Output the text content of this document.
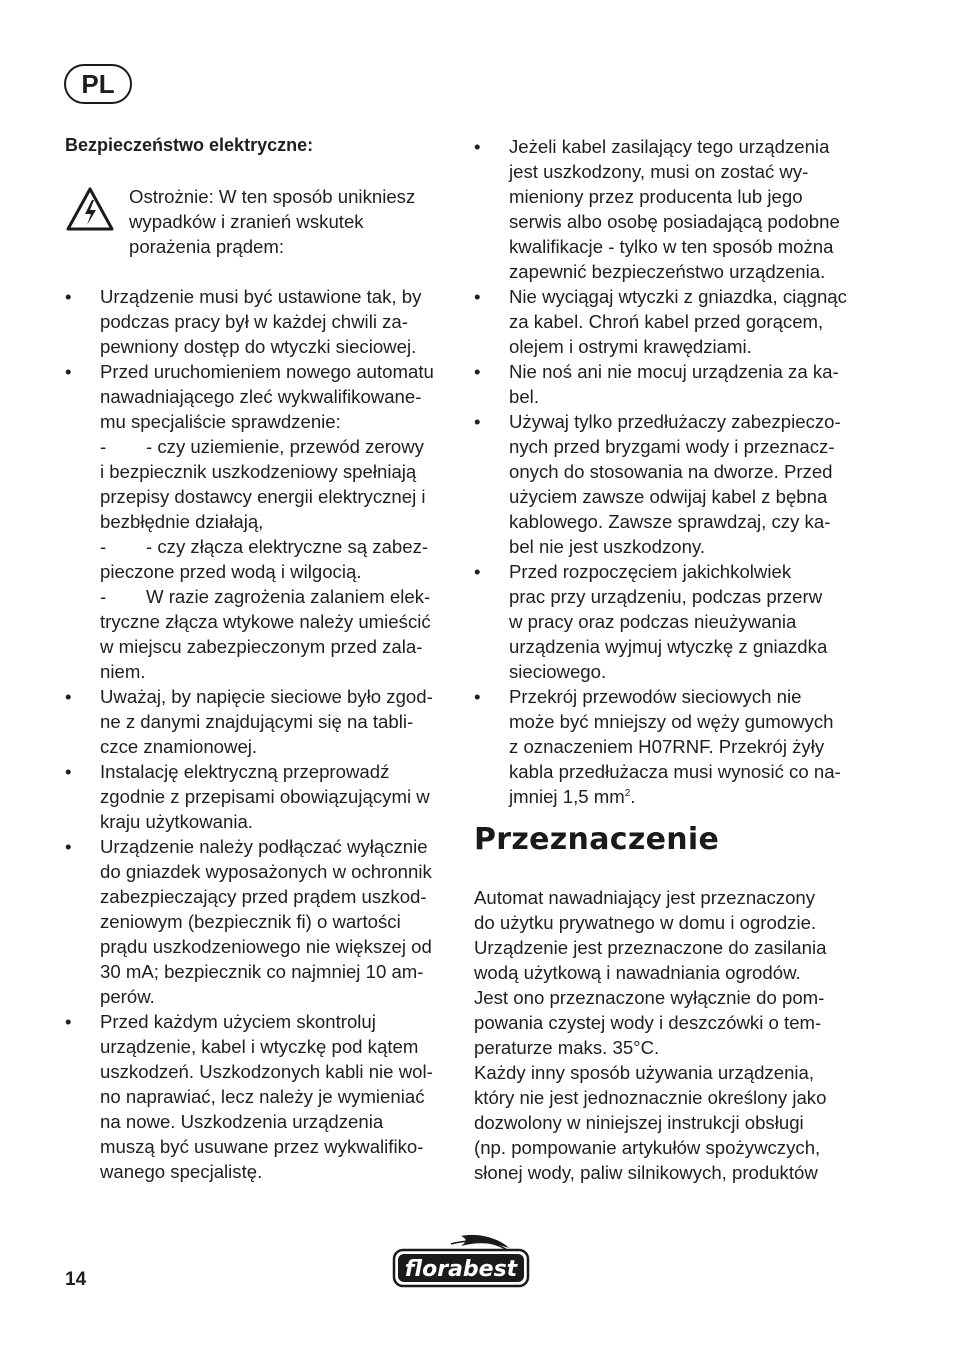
PL
Bezpieczeństwo elektryczne:
Ostrożnie: W ten sposób unikniesz
wypadków i zranień wskutek
porażenia prądem:
•	Urządzenie musi być ustawione tak, by
podczas pracy był w każdej chwili za-
pewniony dostęp do wtyczki sieciowej.
•	Przed uruchomieniem nowego automatu
nawadniającego zleć wykwalifikowane-
mu specjaliście sprawdzenie:
- - czy uziemienie, przewód zerowy
i bezpiecznik uszkodzeniowy spełniają
przepisy dostawcy energii elektrycznej i
bezbłędnie działają,
- - czy złącza elektryczne są zabez-
pieczone przed wodą i wilgocią.
- W razie zagrożenia zalaniem elek-
tryczne złącza wtykowe należy umieścić
w miejscu zabezpieczonym przed zala-
niem.
•	Uważaj, by napięcie sieciowe było zgod-
ne z danymi znajdującymi się na tabli-
czce znamionowej.
•	Instalację elektryczną przeprowadź
zgodnie z przepisami obowiązującymi w
kraju użytkowania.
•	Urządzenie należy podłączać wyłącznie
do gniazdek wyposażonych w ochronnik
zabezpieczający przed prądem uszkod-
zeniowym (bezpiecznik fi) o wartości
prądu uszkodzeniowego nie większej od
30 mA; bezpiecznik co najmniej 10 am-
perów.
•	Przed każdym użyciem skontroluj
urządzenie, kabel i wtyczkę pod kątem
uszkodzeń. Uszkodzonych kabli nie wol-
no naprawiać, lecz należy je wymieniać
na nowe. Uszkodzenia urządzenia
muszą być usuwane przez wykwalifiko-
wanego specjalistę.
•	Jeżeli kabel zasilający tego urządzenia
jest uszkodzony, musi on zostać wy-
mieniony przez producenta lub jego
serwis albo osobę posiadającą podobne
kwalifikacje - tylko w ten sposób można
zapewnić bezpieczeństwo urządzenia.
•	Nie wyciągaj wtyczki z gniazdka, ciągnąc
za kabel. Chroń kabel przed gorącem,
olejem i ostrymi krawędziami.
•	Nie noś ani nie mocuj urządzenia za ka-
bel.
•	Używaj tylko przedłużaczy zabezpieczo-
nych przed bryzgami wody i przeznacz-
onych do stosowania na dworze. Przed
użyciem zawsze odwijaj kabel z bębna
kablowego. Zawsze sprawdzaj, czy ka-
bel nie jest uszkodzony.
•	Przed rozpoczęciem jakichkolwiek
prac przy urządzeniu, podczas przerw
w pracy oraz podczas nieużywania
urządzenia wyjmuj wtyczkę z gniazdka
sieciowego.
•	Przekrój przewodów sieciowych nie
może być mniejszy od węży gumowych
z oznaczeniem H07RNF. Przekrój żyły
kabla przedłużacza musi wynosić co na-
jmniej 1,5 $mm^2$.
Przeznaczenie

Automat nawadniający jest przeznaczony

do użytku prywatnego w domu i ogrodzie.

Urządzenie jest przeznaczone do zasilania

wodą użytkową i nawadniania ogrodów.

Jest ono przeznaczone wyłącznie do pom-

powania czystej wody i deszczówki o tem-

peraturze maks. 35°C.

Każdy inny sposób używania urządzenia,

który nie jest jednoznacznie określony jako

dozwolony w niniejszej instrukcji obsługi

(np. pompowanie artykułów spożywczych,

słonej wody, paliw silnikowych, produktów

14	florabest
